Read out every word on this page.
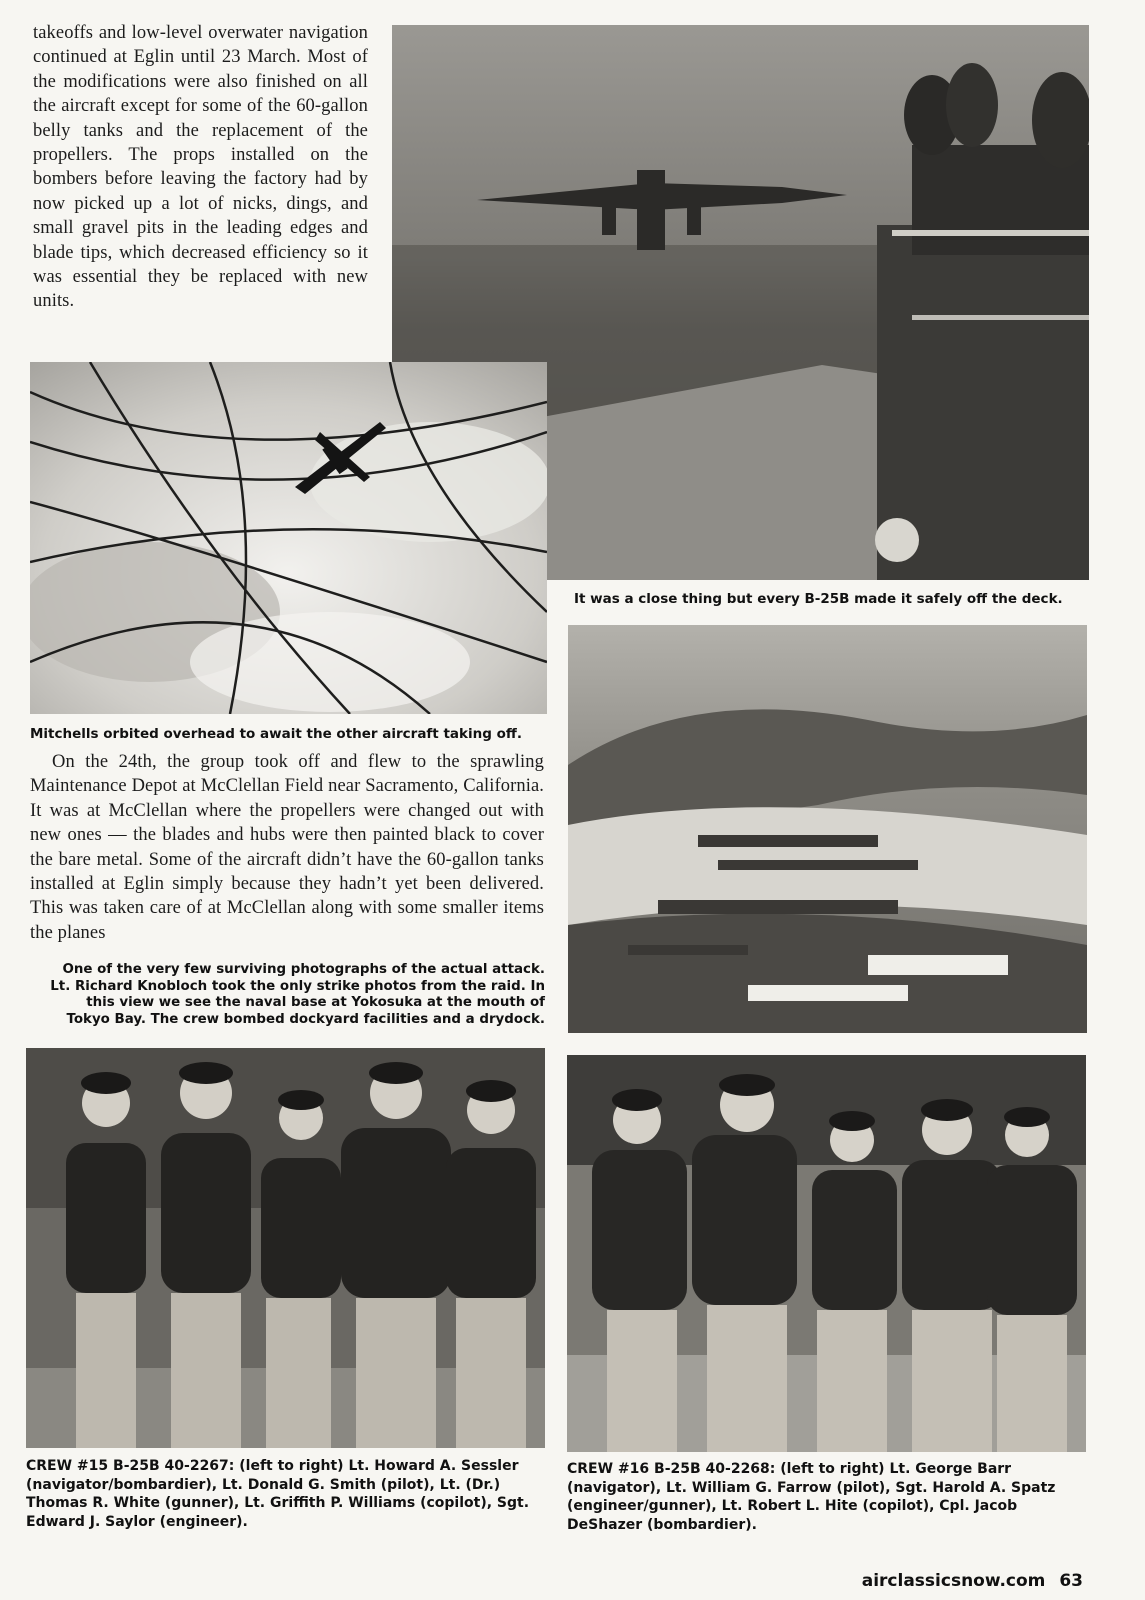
takeoffs and low-level overwater navigation continued at Eglin until 23 March. Most of the modifications were also finished on all the aircraft except for some of the 60-gallon belly tanks and the replacement of the propellers. The props installed on the bombers before leaving the factory had by now picked up a lot of nicks, dings, and small gravel pits in the leading edges and blade tips, which decreased efficiency so it was essential they be replaced with new units.

It was a close thing but every B-25B made it safely off the deck.
Mitchells orbited overhead to await the other aircraft taking off.

On the 24th, the group took off and flew to the sprawling Maintenance Depot at McClellan Field near Sacramento, California. It was at McClellan where the propellers were changed out with new ones — the blades and hubs were then painted black to cover the bare metal. Some of the aircraft didn’t have the 60-gallon tanks installed at Eglin simply because they hadn’t yet been delivered. This was taken care of at McClellan along with some smaller items the planes

One of the very few surviving photographs of the actual attack. Lt. Richard Knobloch took the only strike photos from the raid. In this view we see the naval base at Yokosuka at the mouth of Tokyo Bay. The crew bombed dockyard facilities and a drydock.
CREW #15 B-25B 40-2267: (left to right) Lt. Howard A. Sessler (navigator/bombardier), Lt. Donald G. Smith (pilot), Lt. (Dr.) Thomas R. White (gunner), Lt. Griffith P. Williams (copilot), Sgt. Edward J. Saylor (engineer).
CREW #16 B-25B 40-2268: (left to right) Lt. George Barr (navigator), Lt. William G. Farrow (pilot), Sgt. Harold A. Spatz (engineer/gunner), Lt. Robert L. Hite (copilot), Cpl. Jacob DeShazer (bombardier).
airclassicsnow.com 63
